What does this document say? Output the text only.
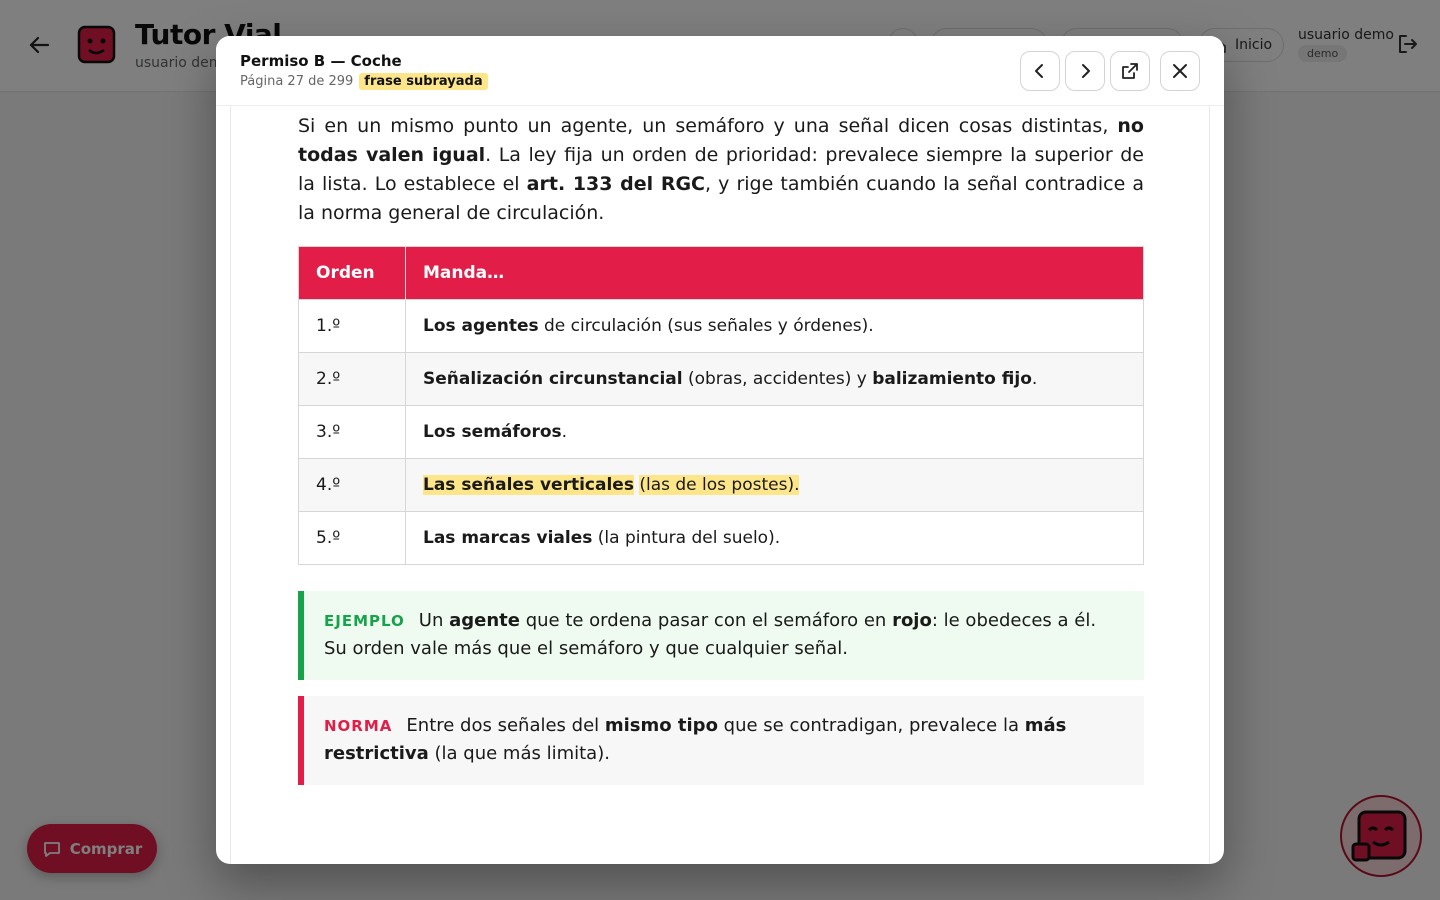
Permiso B — Coche
Página 27 de 299 frase subrayada

Si en un mismo punto un agente, un semáforo y una señal dicen cosas distintas, no todas valen igual. La ley fija un orden de prioridad: prevalece siempre la superior de la lista. Lo establece el art. 133 del RGC, y rige también cuando la señal contradice a la norma general de circulación.

Orden	Manda…
1.º	Los agentes de circulación (sus señales y órdenes).
2.º	Señalización circunstancial (obras, accidentes) y balizamiento fijo.
3.º	Los semáforos.
4.º	Las señales verticales (las de los postes).
5.º	Las marcas viales (la pintura del suelo).
EJEMPLO Un agente que te ordena pasar con el semáforo en rojo: le obedeces a él. Su orden vale más que el semáforo y que cualquier señal.
NORMA Entre dos señales del mismo tipo que se contradigan, prevalece la más restrictiva (la que más limita).
